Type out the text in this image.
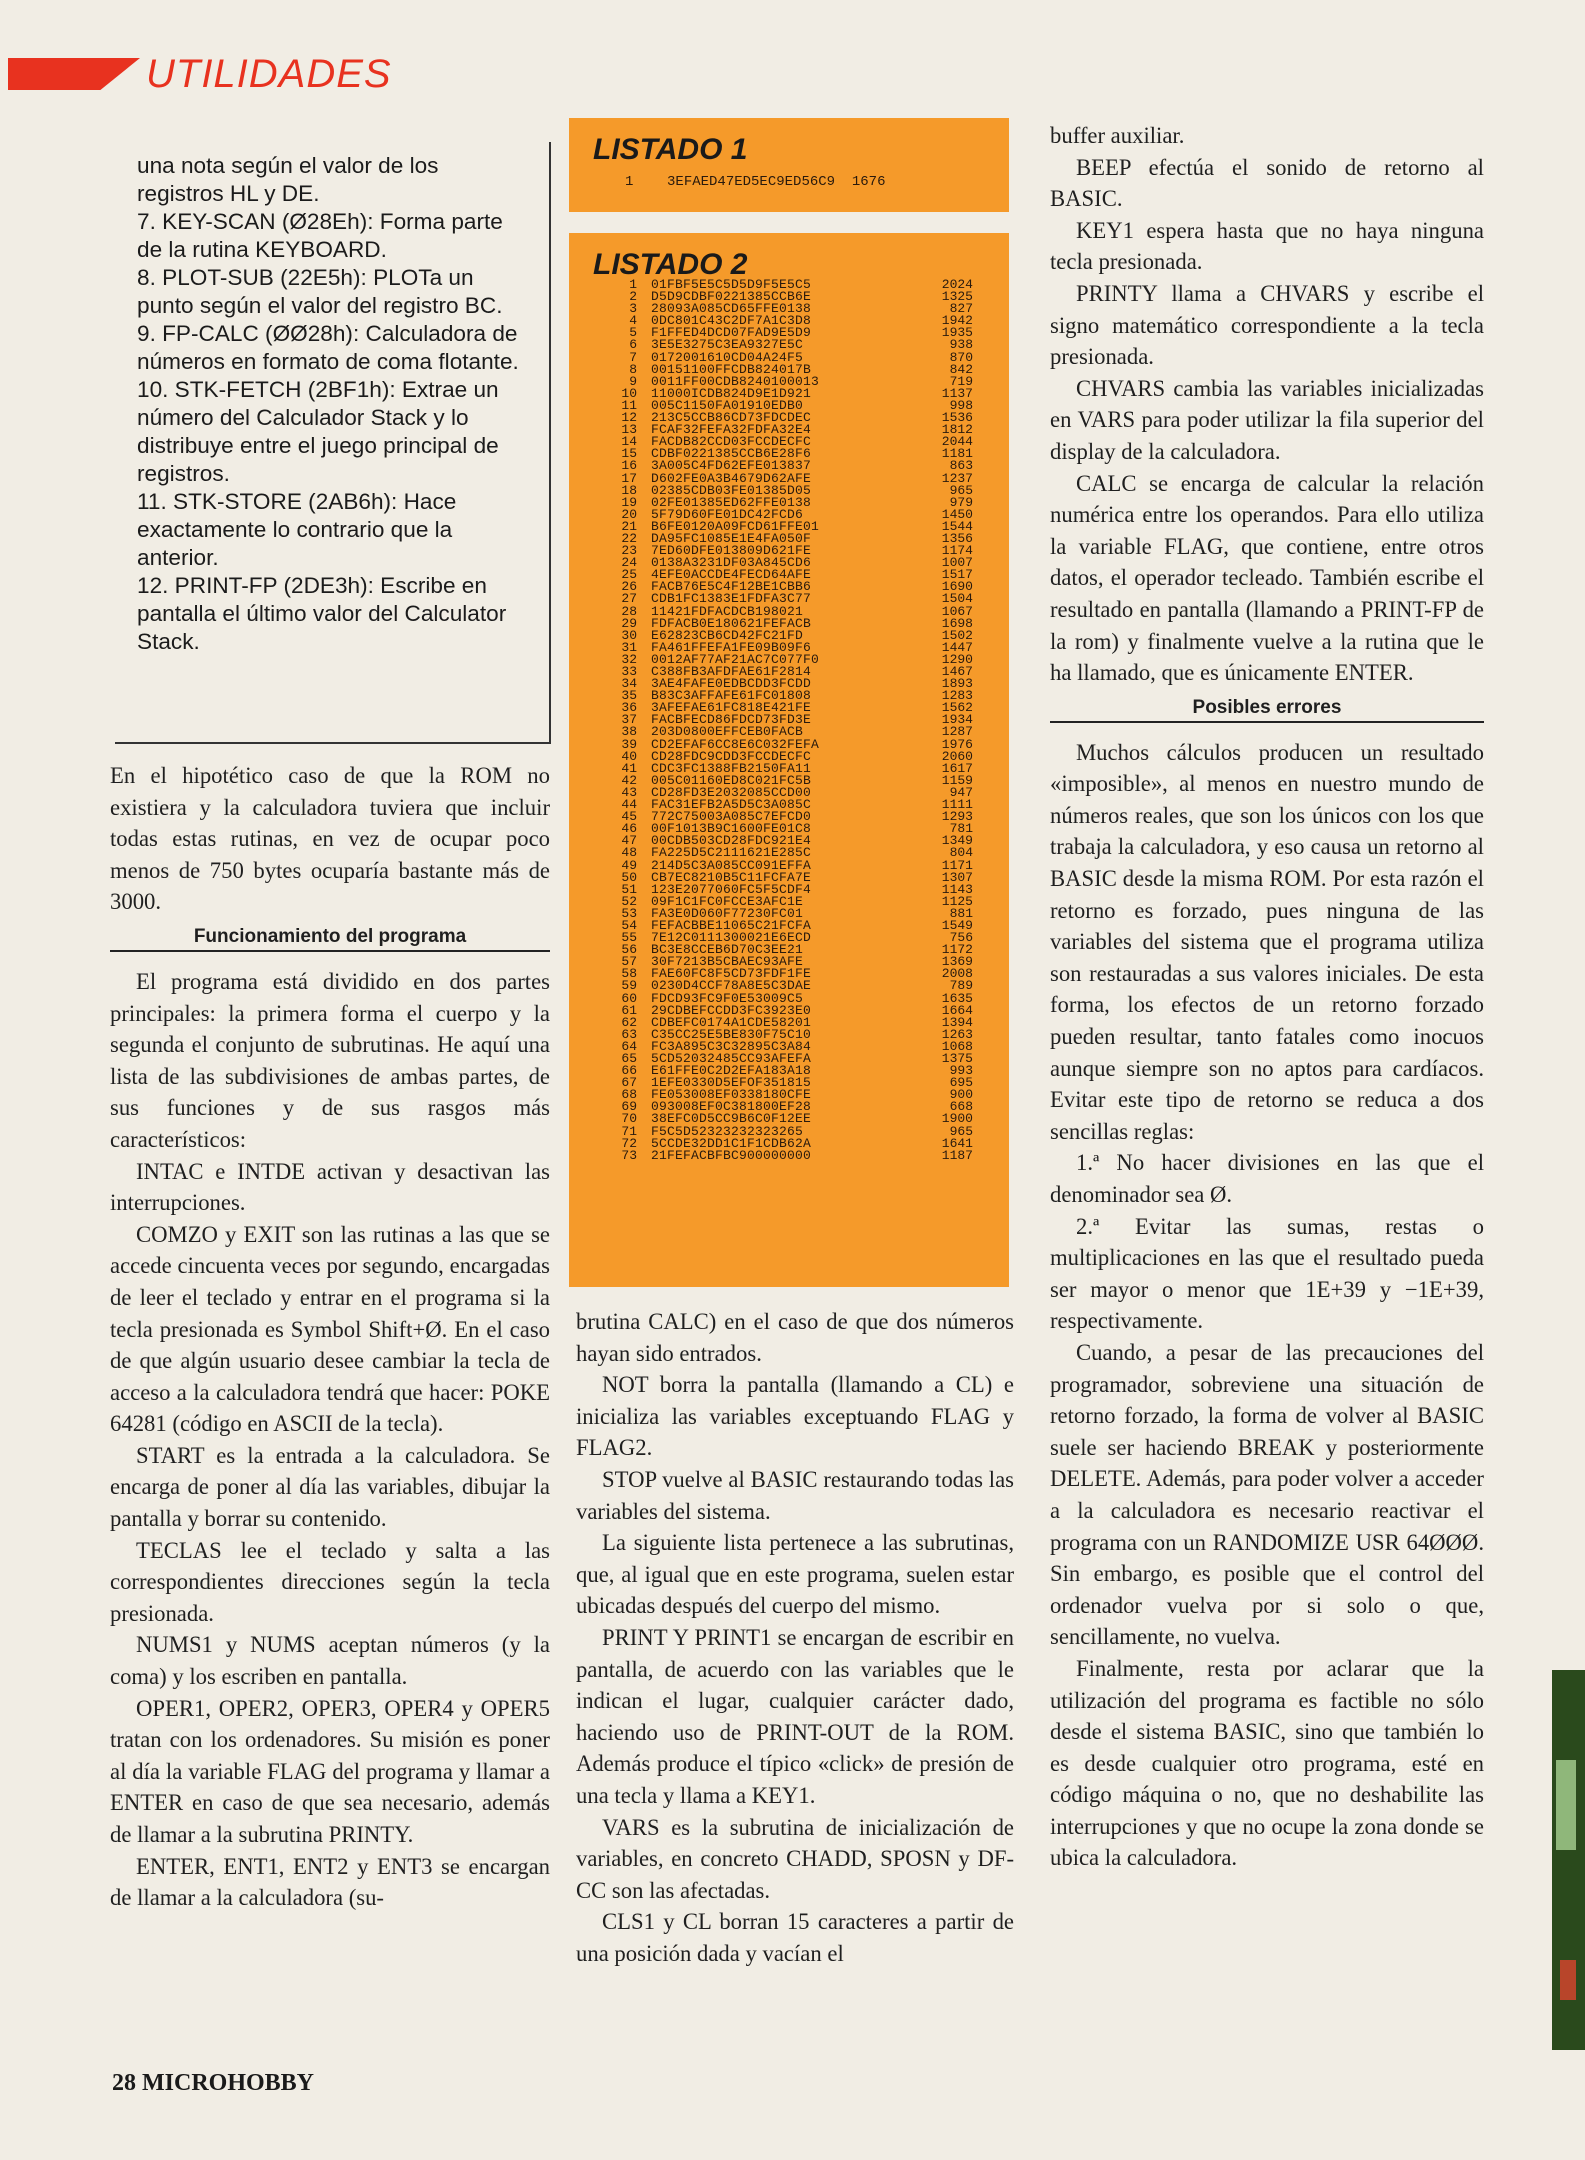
UTILIDADES

una nota según el valor de los registros HL y DE.

7. KEY-SCAN (Ø28Eh): Forma parte de la rutina KEYBOARD.

8. PLOT-SUB (22E5h): PLOTa un punto según el valor del registro BC.

9. FP-CALC (ØØ28h): Calculadora de números en formato de coma flotante.

10. STK-FETCH (2BF1h): Extrae un número del Calculador Stack y lo distribuye entre el juego principal de registros.

11. STK-STORE (2AB6h): Hace exactamente lo contrario que la anterior.

12. PRINT-FP (2DE3h): Escribe en pantalla el último valor del Calculator Stack.

En el hipotético caso de que la ROM no existiera y la calculadora tuviera que incluir todas estas rutinas, en vez de ocupar poco menos de 750 bytes ocuparía bastante más de 3000.

Funcionamiento del programa

El programa está dividido en dos partes principales: la primera forma el cuerpo y la segunda el conjunto de subrutinas. He aquí una lista de las subdivisiones de ambas partes, de sus funciones y de sus rasgos más característicos:

INTAC e INTDE activan y desactivan las interrupciones.

COMZO y EXIT son las rutinas a las que se accede cincuenta veces por segundo, encargadas de leer el teclado y entrar en el programa si la tecla presionada es Symbol Shift+Ø. En el caso de que algún usuario desee cambiar la tecla de acceso a la calculadora tendrá que hacer: POKE 64281 (código en ASCII de la tecla).

START es la entrada a la calculadora. Se encarga de poner al día las variables, dibujar la pantalla y borrar su contenido.

TECLAS lee el teclado y salta a las correspondientes direcciones según la tecla presionada.

NUMS1 y NUMS aceptan números (y la coma) y los escriben en pantalla.

OPER1, OPER2, OPER3, OPER4 y OPER5 tratan con los ordenadores. Su misión es poner al día la variable FLAG del programa y llamar a ENTER en caso de que sea necesario, además de llamar a la subrutina PRINTY.

ENTER, ENT1, ENT2 y ENT3 se encargan de llamar a la calculadora (su-

LISTADO 1
1 3EFAED47ED5EC9ED56C9 1676
LISTADO 2
1 01FBF5E5C5D5D9F5E5C5	2024
2 D5D9CDBF0221385CCB6E	1325
3 28093A085CD65FFE0138	827
4 0DC801C43C2DF7A1C3D8	1942
5 F1FFED4DCD07FAD9E5D9	1935
6 3E5E3275C3EA9327E5C	938
7 0172001610CD04A24F5	870
8 00151100FFCDB824017B	842
9 0011FF00CDB8240100013	719
10 11000ICDB824D9E1D921	1137
11 005C1150FA01910EDB0	998
12 213C5CCB86CD73FDCDEC	1536
13 FCAF32FEFA32FDFA32E4	1812
14 FACDB82CCD03FCCDECFC	2044
15 CDBF0221385CCB6E28F6	1181
16 3A005C4FD62EFE013837	863
17 D602FE0A3B4679D62AFE	1237
18 02385CDB03FE01385D05	965
19 02FE01385ED62FFE0138	979
20 5F79D60FE01DC42FCD6	1450
21 B6FE0120A09FCD61FFE01	1544
22 DA95FC1085E1E4FA050F	1356
23 7ED60DFE013809D621FE	1174
24 0138A3231DF03A845CD6	1007
25 4EFE0ACCDE4FECD64AFE	1517
26 FACB76E5C4F12BE1CBB6	1690
27 CDB1FC1383E1FDFA3C77	1504
28 11421FDFACDCB198021	1067
29 FDFACB0E180621FEFACB	1698
30 E62823CB6CD42FC21FD	1502
31 FA461FFEFA1FE09B09F6	1447
32 0012AF77AF21AC7C077F0	1290
33 C388FB3AFDFAE61F2814	1467
34 3AE4FAFE0EDBCDD3FCDD	1893
35 B83C3AFFAFE61FC01808	1283
36 3AFEFAE61FC818E421FE	1562
37 FACBFECD86FDCD73FD3E	1934
38 203D0800EFFCEB0FACB	1287
39 CD2EFAF6CC8E6C032FEFA	1976
40 CD28FDC9CDD3FCCDECFC	2060
41 CDC3FC1388FB2150FA11	1617
42 005C01160ED8C021FC5B	1159
43 CD28FD3E2032085CCD00	947
44 FAC31EFB2A5D5C3A085C	1111
45 772C75003A085C7EFCD0	1293
46 00F1013B9C1600FE01C8	781
47 00CDB503CD28FDC921E4	1349
48 FA225D5C2111621E285C	804
49 214D5C3A085CC091EFFA	1171
50 CB7EC8210B5C11FCFA7E	1307
51 123E2077060FC5F5CDF4	1143
52 09F1C1FC0FCCE3AFC1E	1125
53 FA3E0D060F77230FC01	881
54 FEFACBBE11065C21FCFA	1549
55 7E12C0111300021E6ECD	756
56 BC3E8CCEB6D70C3EE21	1172
57 30F7213B5CBAEC93AFE	1369
58 FAE60FC8F5CD73FDF1FE	2008
59 0230D4CCF78A8E5C3DAE	789
60 FDCD93FC9F0E53009C5	1635
61 29CDBEFCCDD3FC3923E0	1664
62 CDBEFC0174A1CDE58201	1394
63 C35CC25E5BE830F75C10	1263
64 FC3A895C3C32895C3A84	1068
65 5CD52032485CC93AFEFA	1375
66 E61FFE0C2D2EFA183A18	993
67 1EFE0330D5EFOF351815	695
68 FE053008EF0338180CFE	900
69 093008EF0C381800EF28	668
70 38EFC0D5CC9B6C0F12EE	1900
71 F5C5D52323232323265	965
72 5CCDE32DD1C1F1CDB62A	1641
73 21FEFACBFBC900000000	1187

brutina CALC) en el caso de que dos números hayan sido entrados.

NOT borra la pantalla (llamando a CL) e inicializa las variables exceptuando FLAG y FLAG2.

STOP vuelve al BASIC restaurando todas las variables del sistema.

La siguiente lista pertenece a las subrutinas, que, al igual que en este programa, suelen estar ubicadas después del cuerpo del mismo.

PRINT Y PRINT1 se encargan de escribir en pantalla, de acuerdo con las variables que le indican el lugar, cualquier carácter dado, haciendo uso de PRINT-OUT de la ROM. Además produce el típico «click» de presión de una tecla y llama a KEY1.

VARS es la subrutina de inicialización de variables, en concreto CHADD, SPOSN y DF-CC son las afectadas.

CLS1 y CL borran 15 caracteres a partir de una posición dada y vacían el

buffer auxiliar.

BEEP efectúa el sonido de retorno al BASIC.

KEY1 espera hasta que no haya ninguna tecla presionada.

PRINTY llama a CHVARS y escribe el signo matemático correspondiente a la tecla presionada.

CHVARS cambia las variables inicializadas en VARS para poder utilizar la fila superior del display de la calculadora.

CALC se encarga de calcular la relación numérica entre los operandos. Para ello utiliza la variable FLAG, que contiene, entre otros datos, el operador tecleado. También escribe el resultado en pantalla (llamando a PRINT-FP de la rom) y finalmente vuelve a la rutina que le ha llamado, que es únicamente ENTER.

Posibles errores

Muchos cálculos producen un resultado «imposible», al menos en nuestro mundo de números reales, que son los únicos con los que trabaja la calculadora, y eso causa un retorno al BASIC desde la misma ROM. Por esta razón el retorno es forzado, pues ninguna de las variables del sistema que el programa utiliza son restauradas a sus valores iniciales. De esta forma, los efectos de un retorno forzado pueden resultar, tanto fatales como inocuos aunque siempre son no aptos para cardíacos. Evitar este tipo de retorno se reduca a dos sencillas reglas:

1.ª No hacer divisiones en las que el denominador sea Ø.

2.ª Evitar las sumas, restas o multiplicaciones en las que el resultado pueda ser mayor o menor que 1E+39 y −1E+39, respectivamente.

Cuando, a pesar de las precauciones del programador, sobreviene una situación de retorno forzado, la forma de volver al BASIC suele ser haciendo BREAK y posteriormente DELETE. Además, para poder volver a acceder a la calculadora es necesario reactivar el programa con un RANDOMIZE USR 64ØØØ. Sin embargo, es posible que el control del ordenador vuelva por si solo o que, sencillamente, no vuelva.

Finalmente, resta por aclarar que la utilización del programa es factible no sólo desde el sistema BASIC, sino que también lo es desde cualquier otro programa, esté en código máquina o no, que no deshabilite las interrupciones y que no ocupe la zona donde se ubica la calculadora.

28 MICROHOBBY
